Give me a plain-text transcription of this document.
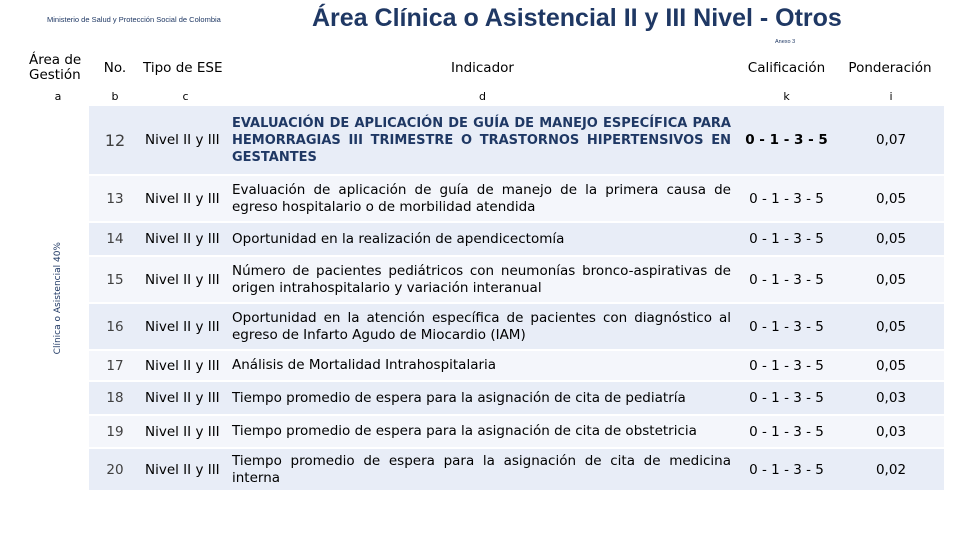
Ministerio de Salud y Protección Social de Colombia	Área Clínica o Asistencial II y III Nivel - Otros
Anexo 3
Área de Gestión	No.	Tipo de ESE	Indicador	Calificación	Ponderación
a	b	c	d	k	i

Clínica o Asistencial 40%	12	Nivel II y III	EVALUACIÓN DE APLICACIÓN DE GUÍA DE MANEJO ESPECÍFICA PARA HEMORRAGIAS III TRIMESTRE O TRASTORNOS HIPERTENSIVOS EN GESTANTES	0 - 1 - 3 - 5	0,07
	13	Nivel II y III	Evaluación de aplicación de guía de manejo de la primera causa de egreso hospitalario o de morbilidad atendida	0 - 1 - 3 - 5	0,05
	14	Nivel II y III	Oportunidad en la realización de apendicectomía	0 - 1 - 3 - 5	0,05
	15	Nivel II y III	Número de pacientes pediátricos con neumonías bronco-aspirativas de origen intrahospitalario y variación interanual	0 - 1 - 3 - 5	0,05
	16	Nivel II y III	Oportunidad en la atención específica de pacientes con diagnóstico al egreso de Infarto Agudo de Miocardio (IAM)	0 - 1 - 3 - 5	0,05
	17	Nivel II y III	Análisis de Mortalidad Intrahospitalaria	0 - 1 - 3 - 5	0,05
	18	Nivel II y III	Tiempo promedio de espera para la asignación de cita de pediatría	0 - 1 - 3 - 5	0,03
	19	Nivel II y III	Tiempo promedio de espera para la asignación de cita de obstetricia	0 - 1 - 3 - 5	0,03
	20	Nivel II y III	Tiempo promedio de espera para la asignación de cita de medicina interna	0 - 1 - 3 - 5	0,02
